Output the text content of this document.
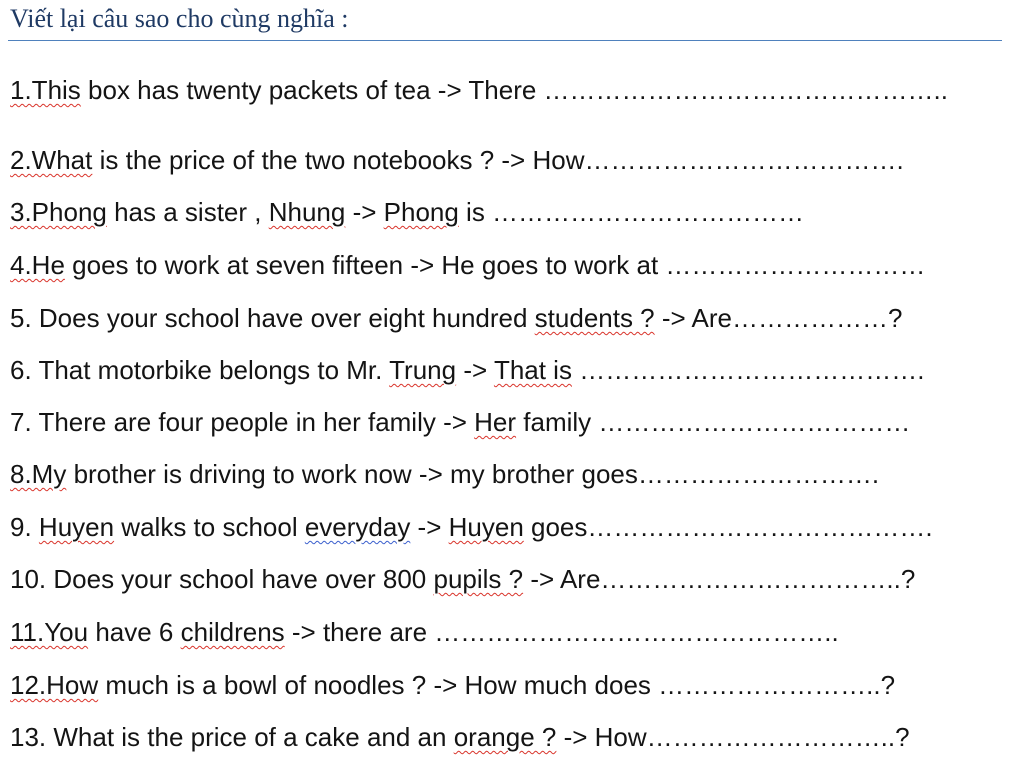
Viết lại câu sao cho cùng nghĩa :
1.This box has twenty packets of tea -> There ………………………………………..
2.What is the price of the two notebooks ? -> How……………………………….
3.Phong has a sister , Nhung -> Phong is ………………………………
4.He goes to work at seven fifteen -> He goes to work at …………………………
5. Does your school have over eight hundred students ? -> Are………………?
6. That motorbike belongs to Mr. Trung -> That is ………………………………….
7. There are four people in her family -> Her family ………………………………
8.My brother is driving to work now -> my brother goes……………………….
9. Huyen walks to school everyday -> Huyen goes………………………………….
10. Does your school have over 800 pupils ? -> Are……………………………..?
11.You have 6 childrens -> there are ………………………………………..
12.How much is a bowl of noodles ? -> How much does ……………………..?
13. What is the price of a cake and an orange ? -> How………………………..?
